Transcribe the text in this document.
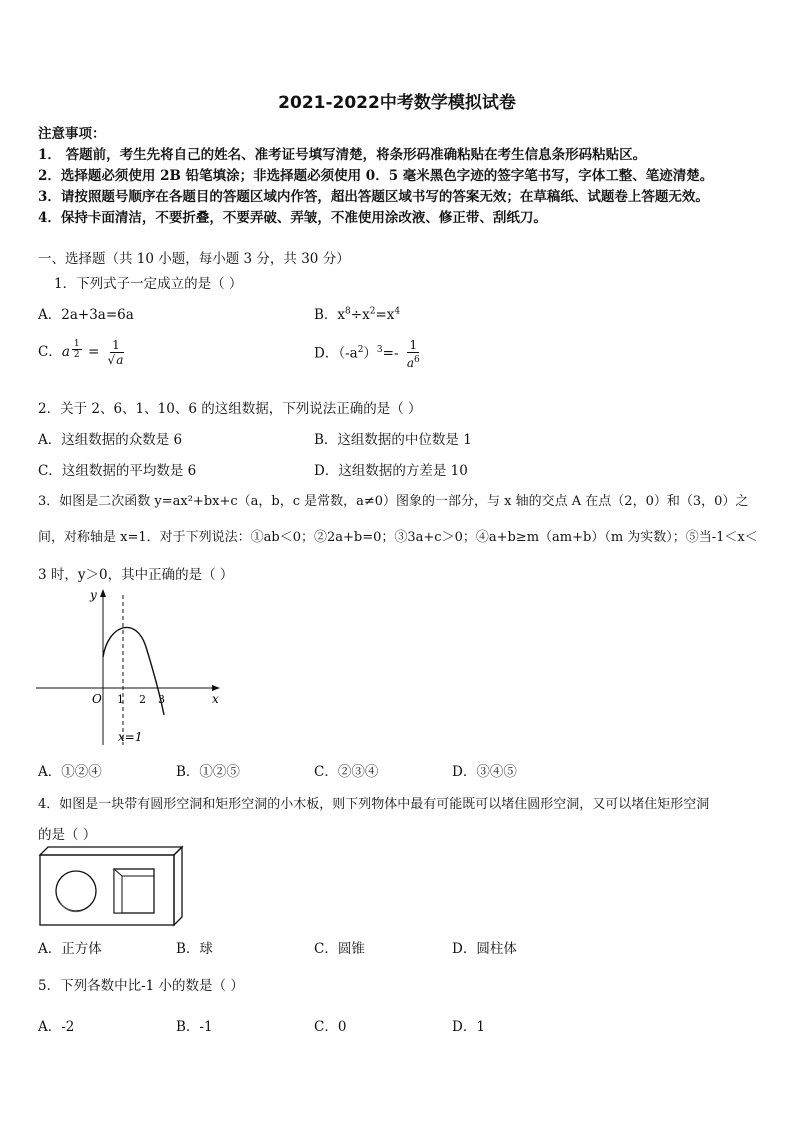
2021-2022中考数学模拟试卷
注意事项：
1． 答题前，考生先将自己的姓名、准考证号填写清楚，将条形码准确粘贴在考生信息条形码粘贴区。
2．选择题必须使用 2B 铅笔填涂；非选择题必须使用 0．5 毫米黑色字迹的签字笔书写，字体工整、笔迹清楚。
3．请按照题号顺序在各题目的答题区域内作答，超出答题区域书写的答案无效；在草稿纸、试题卷上答题无效。
4．保持卡面清洁，不要折叠，不要弄破、弄皱，不准使用涂改液、修正带、刮纸刀。
一、选择题（共 10 小题，每小题 3 分，共 30 分）
1．下列式子一定成立的是（ ）
A．2a+3a=6a	B．$x^8\div x^2=x^4$
C．a $\frac{1}{2} = \frac{1}{√a}$	D．$(-a^2)^3=- \frac{1}{a^6}$
2．关于 2、6、1、10、6 的这组数据，下列说法正确的是（ ）
A．这组数据的众数是 6	B．这组数据的中位数是 1
C．这组数据的平均数是 6	D．这组数据的方差是 10
3．如图是二次函数 y=ax²+bx+c（a，b，c 是常数，a≠0）图象的一部分，与 x 轴的交点 A 在点（2，0）和（3，0）之
间，对称轴是 x=1．对于下列说法：①ab＜0；②2a+b=0；③3a+c＞0；④a+b≥m（am+b）（m 为实数）；⑤当-1＜x＜
3 时，y＞0，其中正确的是（ ）
y
x
O 1 2 3
x=1
A．①②④	B．①②⑤	C．②③④	D．③④⑤
4．如图是一块带有圆形空洞和矩形空洞的小木板，则下列物体中最有可能既可以堵住圆形空洞，又可以堵住矩形空洞
的是（ ）
A．正方体	B．球	C．圆锥	D．圆柱体
5．下列各数中比-1 小的数是（ ）
A．-2	B．-1	C．0	D．1
